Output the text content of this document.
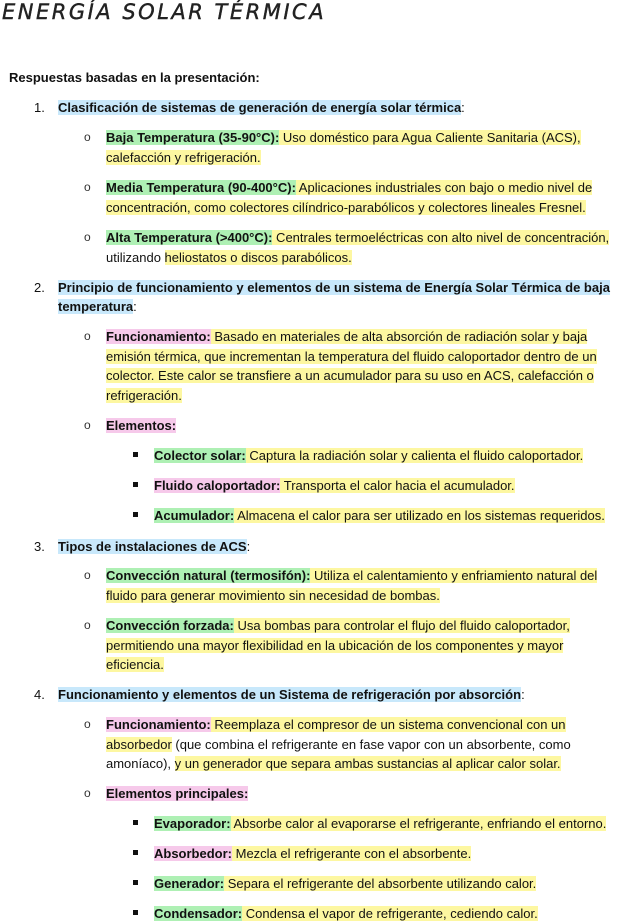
ENERGÍA SOLAR TÉRMICA
Respuestas basadas en la presentación:
1. Clasificación de sistemas de generación de energía solar térmica:
o Baja Temperatura (35-90°C): Uso doméstico para Agua Caliente Sanitaria (ACS),
calefacción y refrigeración.
o Media Temperatura (90-400°C): Aplicaciones industriales con bajo o medio nivel de
concentración, como colectores cilíndrico-parabólicos y colectores lineales Fresnel.
o Alta Temperatura (>400°C): Centrales termoeléctricas con alto nivel de concentración,
utilizando heliostatos o discos parabólicos.
2. Principio de funcionamiento y elementos de un sistema de Energía Solar Térmica de baja
temperatura:
o Funcionamiento: Basado en materiales de alta absorción de radiación solar y baja
emisión térmica, que incrementan la temperatura del fluido caloportador dentro de un
colector. Este calor se transfiere a un acumulador para su uso en ACS, calefacción o
refrigeración.
o Elementos:
Colector solar: Captura la radiación solar y calienta el fluido caloportador.
Fluido caloportador: Transporta el calor hacia el acumulador.
Acumulador: Almacena el calor para ser utilizado en los sistemas requeridos.
3. Tipos de instalaciones de ACS:
o Convección natural (termosifón): Utiliza el calentamiento y enfriamiento natural del
fluido para generar movimiento sin necesidad de bombas.
o Convección forzada: Usa bombas para controlar el flujo del fluido caloportador,
permitiendo una mayor flexibilidad en la ubicación de los componentes y mayor
eficiencia.
4. Funcionamiento y elementos de un Sistema de refrigeración por absorción:
o Funcionamiento: Reemplaza el compresor de un sistema convencional con un
absorbedor (que combina el refrigerante en fase vapor con un absorbente, como
amoníaco), y un generador que separa ambas sustancias al aplicar calor solar.
o Elementos principales:
Evaporador: Absorbe calor al evaporarse el refrigerante, enfriando el entorno.
Absorbedor: Mezcla el refrigerante con el absorbente.
Generador: Separa el refrigerante del absorbente utilizando calor.
Condensador: Condensa el vapor de refrigerante, cediendo calor.
